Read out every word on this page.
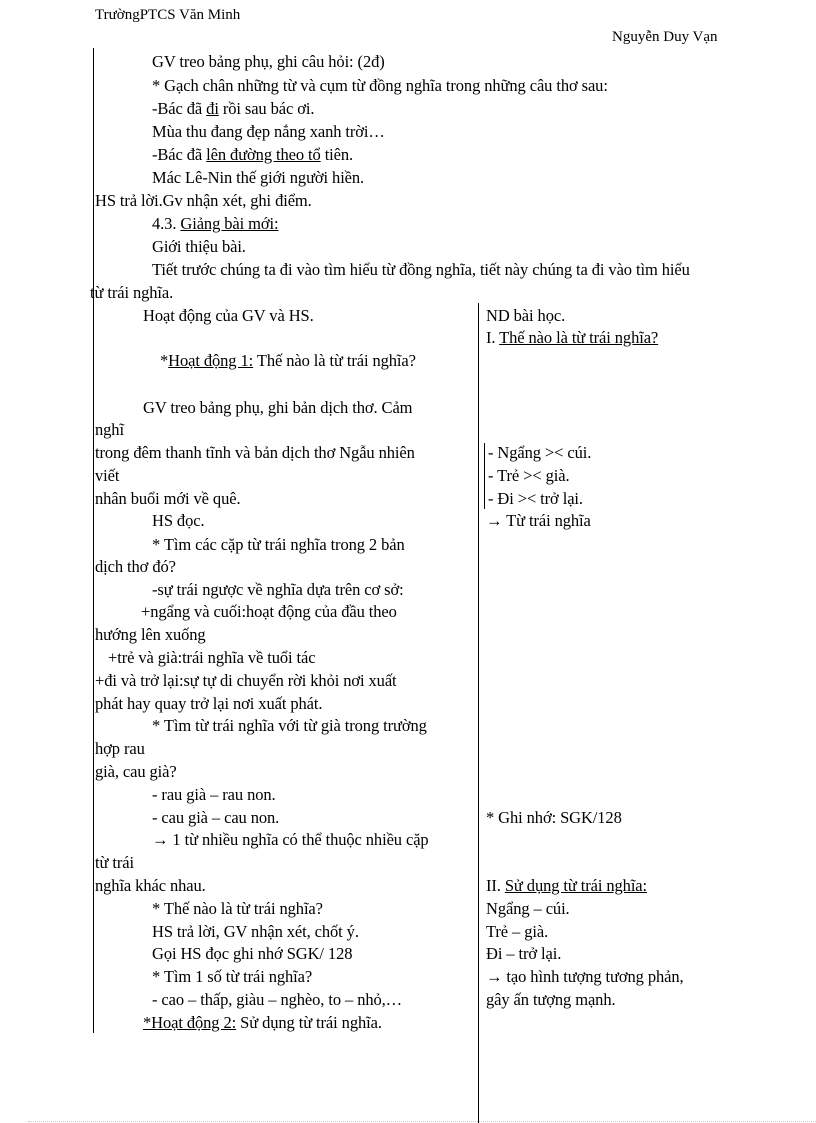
TrườngPTCS Văn Minh
Nguyễn Duy Vạn
GV treo bảng phụ, ghi câu hỏi: (2đ)
* Gạch chân những từ và cụm từ đồng nghĩa trong những câu thơ sau:
-Bác đã đi rồi sau bác ơi.
Mùa thu đang đẹp nắng xanh trời…
-Bác đã lên đường theo tổ tiên.
Mác Lê-Nin thế giới người hiền.
HS trả lời.Gv nhận xét, ghi điểm.
4.3. Giảng bài mới:
Giới thiệu bài.
Tiết trước chúng ta đi vào tìm hiểu từ đồng nghĩa, tiết này chúng ta đi vào tìm hiểu
từ trái nghĩa.
Hoạt động của GV và HS.
*Hoạt động 1: Thế nào là từ trái nghĩa?
GV treo bảng phụ, ghi bản dịch thơ. Cảm
nghĩ
trong đêm thanh tĩnh và bản dịch thơ Ngẫu nhiên
viết
nhân buổi mới về quê.
HS đọc.
* Tìm các cặp từ trái nghĩa trong 2 bản
dịch thơ đó?
-sự trái ngược về nghĩa dựa trên cơ sở:
+ngẩng và cuối:hoạt động của đầu theo
hướng lên xuống
+trẻ và già:trái nghĩa về tuổi tác
+đi và trở lại:sự tự di chuyển rời khỏi nơi xuất
phát hay quay trở lại nơi xuất phát.
* Tìm từ trái nghĩa với từ già trong trường
hợp rau
già, cau già?
- rau già – rau non.
- cau già – cau non.
→ 1 từ nhiều nghĩa có thể thuộc nhiều cặp
từ trái
nghĩa khác nhau.
* Thế nào là từ trái nghĩa?
HS trả lời, GV nhận xét, chốt ý.
Gọi HS đọc ghi nhớ SGK/ 128
* Tìm 1 số từ trái nghĩa?
- cao – thấp, giàu – nghèo, to – nhỏ,…
*Hoạt động 2: Sử dụng từ trái nghĩa.
ND bài học.
I. Thế nào là từ trái nghĩa?
- Ngẩng >< cúi.
- Trẻ >< già.
- Đi >< trở lại.
→ Từ trái nghĩa
* Ghi nhớ: SGK/128
II. Sử dụng từ trái nghĩa:
Ngẩng – cúi.
Trẻ – già.
Đi – trở lại.
→ tạo hình tượng tương phản,
gây ấn tượng mạnh.
